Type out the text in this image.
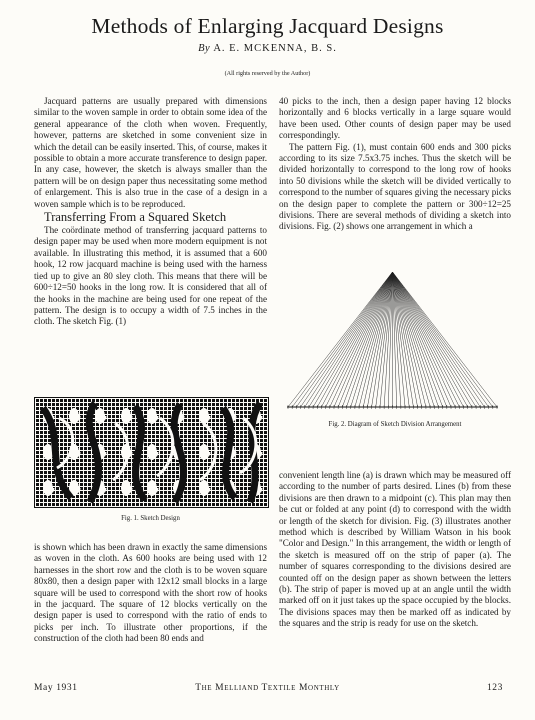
Methods of Enlarging Jacquard Designs
By A. E. MCKENNA, B. S.
(All rights reserved by the Author)

Jacquard patterns are usually prepared with dimensions similar to the woven sample in order to obtain some idea of the general appearance of the cloth when woven. Frequently, however, patterns are sketched in some convenient size in which the detail can be easily inserted. This, of course, makes it possible to obtain a more accurate transference to design paper. In any case, however, the sketch is always smaller than the pattern will be on design paper thus necessitating some method of enlargement. This is also true in the case of a design in a woven sample which is to be reproduced.

Transferring From a Squared Sketch

The coördinate method of transferring jacquard patterns to design paper may be used when more modern equipment is not available. In illustrating this method, it is assumed that a 600 hook, 12 row jacquard machine is being used with the harness tied up to give an 80 sley cloth. This means that there will be 600÷12=50 hooks in the long row. It is considered that all of the hooks in the machine are being used for one repeat of the pattern. The design is to occupy a width of 7.5 inches in the cloth. The sketch Fig. (1)

Fig. 1. Sketch Design

is shown which has been drawn in exactly the same dimensions as woven in the cloth. As 600 hooks are being used with 12 harnesses in the short row and the cloth is to be woven square 80x80, then a design paper with 12x12 small blocks in a large square will be used to correspond with the short row of hooks in the jacquard. The square of 12 blocks vertically on the design paper is used to correspond with the ratio of ends to picks per inch. To illustrate other proportions, if the construction of the cloth had been 80 ends and

40 picks to the inch, then a design paper having 12 blocks horizontally and 6 blocks vertically in a large square would have been used. Other counts of design paper may be used correspondingly.

The pattern Fig. (1), must contain 600 ends and 300 picks according to its size 7.5x3.75 inches. Thus the sketch will be divided horizontally to correspond to the long row of hooks into 50 divisions while the sketch will be divided vertically to correspond to the number of squares giving the necessary picks on the design paper to complete the pattern or 300÷12=25 divisions. There are several methods of dividing a sketch into divisions. Fig. (2) shows one arrangement in which a

Fig. 2. Diagram of Sketch Division Arrangement

convenient length line (a) is drawn which may be measured off according to the number of parts desired. Lines (b) from these divisions are then drawn to a midpoint (c). This plan may then be cut or folded at any point (d) to correspond with the width or length of the sketch for division. Fig. (3) illustrates another method which is described by William Watson in his book "Color and Design." In this arrangement, the width or length of the sketch is measured off on the strip of paper (a). The number of squares corresponding to the divisions desired are counted off on the design paper as shown between the letters (b). The strip of paper is moved up at an angle until the width marked off on it just takes up the space occupied by the blocks. The divisions spaces may then be marked off as indicated by the squares and the strip is ready for use on the sketch.

May 1931	The Melliand Textile Monthly	123
